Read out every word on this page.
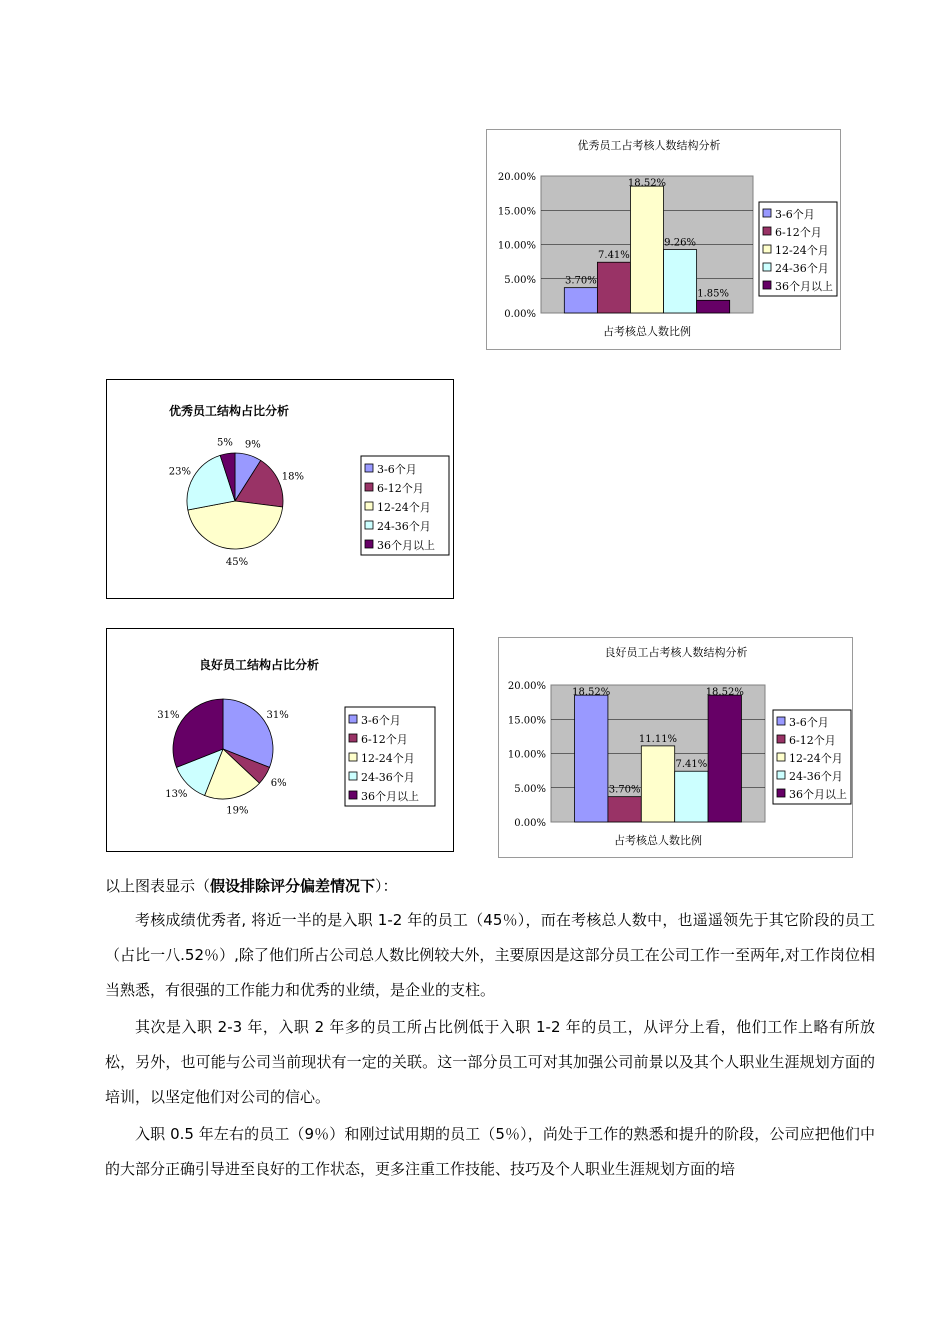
优秀员工占考核人数结构分析
0.00%
5.00%
10.00%
15.00%
20.00%
3.70%
7.41%
18.52%
9.26%
1.85%
占考核总人数比例
3-6个月
6-12个月
12-24个月
24-36个月
36个月以上
优秀员工结构占比分析
9%
18%
45%
23%
5%
3-6个月
6-12个月
12-24个月
24-36个月
36个月以上
良好员工结构占比分析
31%
6%
19%
13%
31%	3-6个月
6-12个月
12-24个月
24-36个月
36个月以上
良好员工占考核人数结构分析
0.00%
5.00%
10.00%
15.00%
20.00%
18.52%
3.70%
11.11%
7.41%
18.52%
占考核总人数比例
3-6个月
6-12个月
12-24个月
24-36个月
36个月以上
以上图表显示（假设排除评分偏差情况下）：

考核成绩优秀者, 将近一半的是入职 1-2 年的员工（45％），而在考核总人数中，也遥遥领先于其它阶段的员工（占比一八.52％）,除了他们所占公司总人数比例较大外，主要原因是这部分员工在公司工作一至两年,对工作岗位相当熟悉，有很强的工作能力和优秀的业绩，是企业的支柱。

其次是入职 2-3 年，入职 2 年多的员工所占比例低于入职 1-2 年的员工，从评分上看，他们工作上略有所放松，另外，也可能与公司当前现状有一定的关联。这一部分员工可对其加强公司前景以及其个人职业生涯规划方面的培训，以坚定他们对公司的信心。

入职 0.5 年左右的员工（9％）和刚过试用期的员工（5％），尚处于工作的熟悉和提升的阶段，公司应把他们中的大部分正确引导进至良好的工作状态，更多注重工作技能、技巧及个人职业生涯规划方面的培
